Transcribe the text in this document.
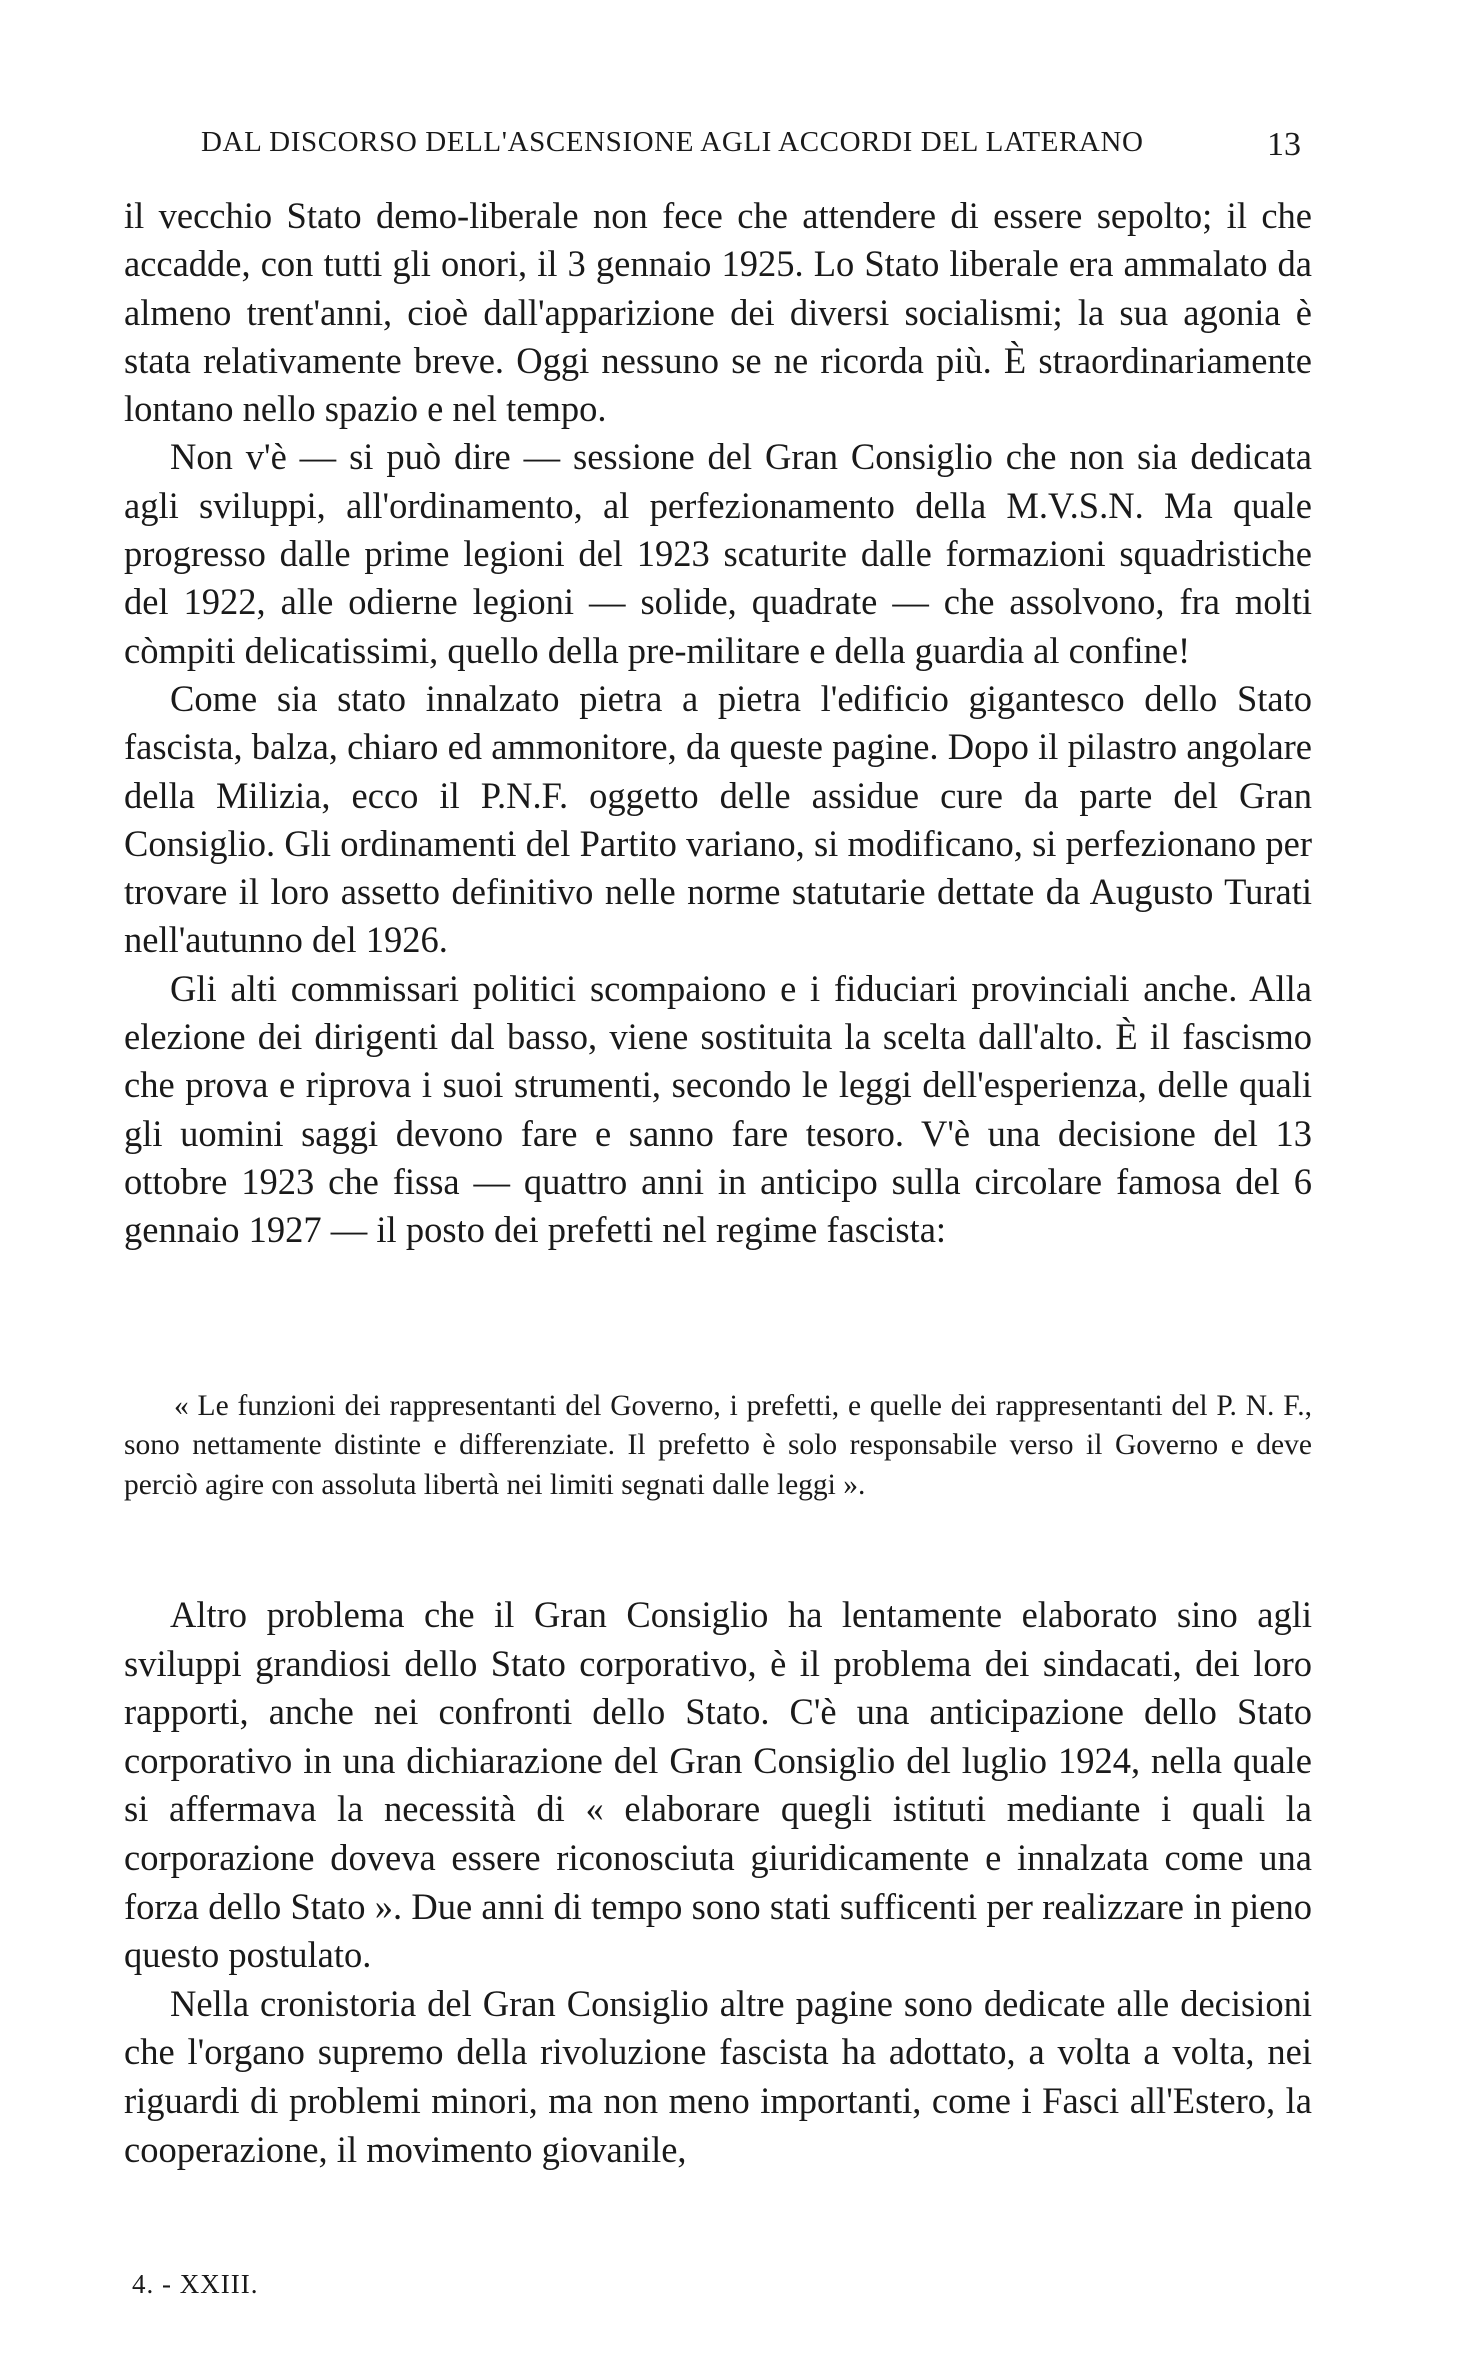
DAL DISCORSO DELL'ASCENSIONE AGLI ACCORDI DEL LATERANO	13

il vecchio Stato demo-liberale non fece che attendere di essere sepolto; il che accadde, con tutti gli onori, il 3 gennaio 1925. Lo Stato liberale era ammalato da almeno trent'anni, cioè dall'apparizione dei diversi socialismi; la sua agonia è stata relativamente breve. Oggi nessuno se ne ricorda più. È straordinariamente lontano nello spazio e nel tempo.

Non v'è — si può dire — sessione del Gran Consiglio che non sia dedicata agli sviluppi, all'ordinamento, al perfezionamento della M.V.S.N. Ma quale progresso dalle prime legioni del 1923 scaturite dalle formazioni squadristiche del 1922, alle odierne legioni — solide, quadrate — che assolvono, fra molti còmpiti delicatissimi, quello della pre-militare e della guardia al confine!

Come sia stato innalzato pietra a pietra l'edificio gigantesco dello Stato fascista, balza, chiaro ed ammonitore, da queste pagine. Dopo il pilastro angolare della Milizia, ecco il P.N.F. oggetto delle assidue cure da parte del Gran Consiglio. Gli ordinamenti del Partito variano, si modificano, si perfezionano per trovare il loro assetto definitivo nelle norme statutarie dettate da Augusto Turati nell'autunno del 1926.

Gli alti commissari politici scompaiono e i fiduciari provinciali anche. Alla elezione dei dirigenti dal basso, viene sostituita la scelta dall'alto. È il fascismo che prova e riprova i suoi strumenti, secondo le leggi dell'esperienza, delle quali gli uomini saggi devono fare e sanno fare tesoro. V'è una decisione del 13 ottobre 1923 che fissa — quattro anni in anticipo sulla circolare famosa del 6 gennaio 1927 — il posto dei prefetti nel regime fascista:

« Le funzioni dei rappresentanti del Governo, i prefetti, e quelle dei rappresentanti del P. N. F., sono nettamente distinte e differenziate. Il prefetto è solo responsabile verso il Governo e deve perciò agire con assoluta libertà nei limiti segnati dalle leggi ».

Altro problema che il Gran Consiglio ha lentamente elaborato sino agli sviluppi grandiosi dello Stato corporativo, è il problema dei sindacati, dei loro rapporti, anche nei confronti dello Stato. C'è una anticipazione dello Stato corporativo in una dichiarazione del Gran Consiglio del luglio 1924, nella quale si affermava la necessità di « elaborare quegli istituti mediante i quali la corporazione doveva essere riconosciuta giuridicamente e innalzata come una forza dello Stato ». Due anni di tempo sono stati sufficenti per realizzare in pieno questo postulato.

Nella cronistoria del Gran Consiglio altre pagine sono dedicate alle decisioni che l'organo supremo della rivoluzione fascista ha adottato, a volta a volta, nei riguardi di problemi minori, ma non meno importanti, come i Fasci all'Estero, la cooperazione, il movimento giovanile,

4. - XXIII.
